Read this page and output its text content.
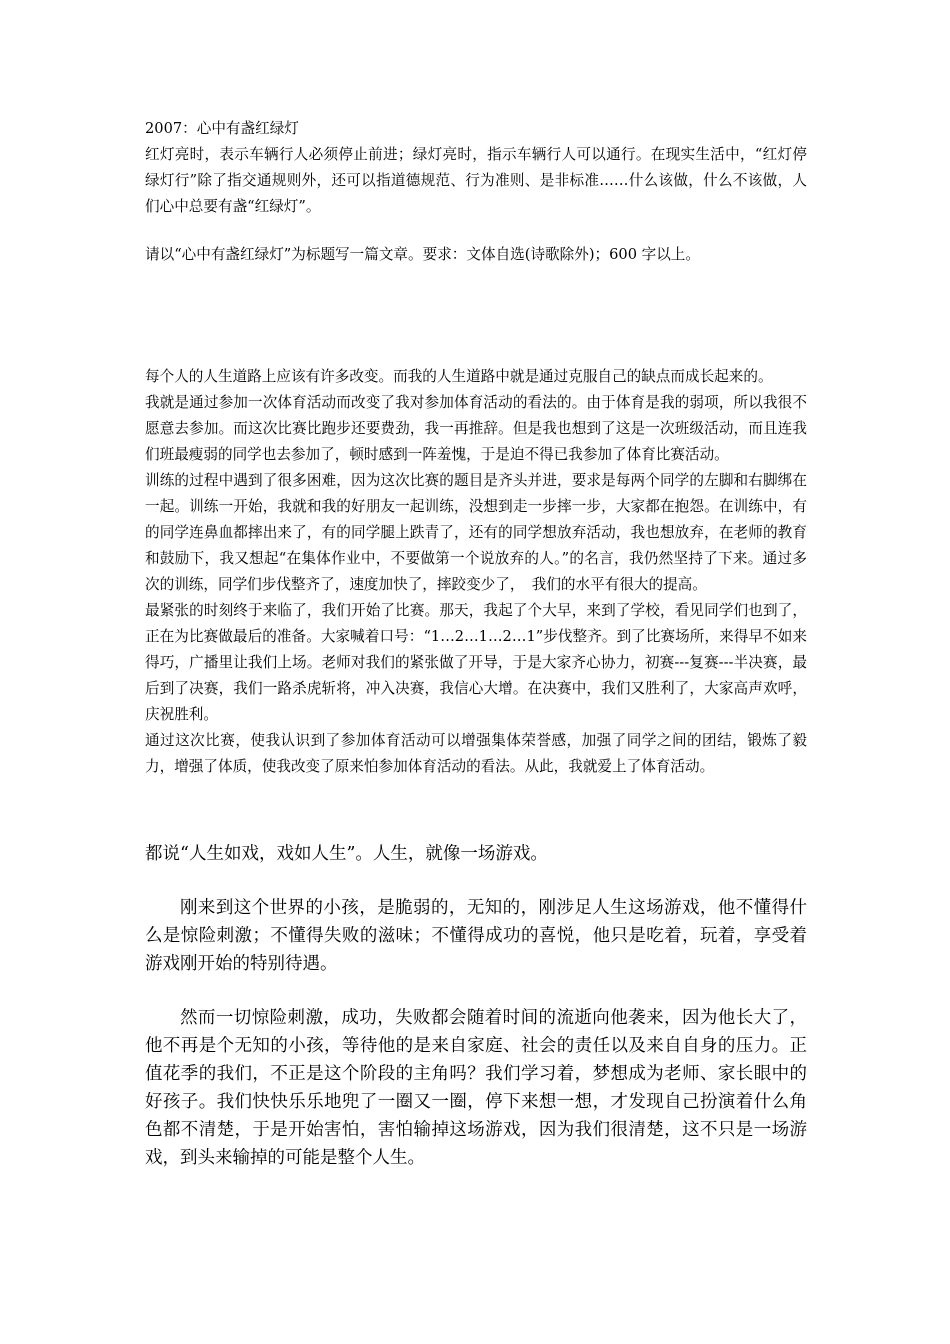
2007：心中有盏红绿灯

红灯亮时，表示车辆行人必须停止前进；绿灯亮时，指示车辆行人可以通行。在现实生活中，“红灯停绿灯行”除了指交通规则外，还可以指道德规范、行为准则、是非标准……什么该做，什么不该做，人们心中总要有盏“红绿灯”。

请以“心中有盏红绿灯”为标题写一篇文章。要求：文体自选(诗歌除外)；600 字以上。

每个人的人生道路上应该有许多改变。而我的人生道路中就是通过克服自己的缺点而成长起来的。

我就是通过参加一次体育活动而改变了我对参加体育活动的看法的。由于体育是我的弱项，所以我很不愿意去参加。而这次比赛比跑步还要费劲，我一再推辞。但是我也想到了这是一次班级活动，而且连我们班最瘦弱的同学也去参加了，顿时感到一阵羞愧，于是迫不得已我参加了体育比赛活动。

训练的过程中遇到了很多困难，因为这次比赛的题目是齐头并进，要求是每两个同学的左脚和右脚绑在一起。训练一开始，我就和我的好朋友一起训练，没想到走一步摔一步，大家都在抱怨。在训练中，有的同学连鼻血都摔出来了，有的同学腿上跌青了，还有的同学想放弃活动，我也想放弃，在老师的教育和鼓励下，我又想起“在集体作业中，不要做第一个说放弃的人。”的名言，我仍然坚持了下来。通过多次的训练，同学们步伐整齐了，速度加快了，摔跤变少了，　我们的水平有很大的提高。

最紧张的时刻终于来临了，我们开始了比赛。那天，我起了个大早，来到了学校，看见同学们也到了，正在为比赛做最后的准备。大家喊着口号：“1…2…1…2…1”步伐整齐。到了比赛场所，来得早不如来得巧，广播里让我们上场。老师对我们的紧张做了开导，于是大家齐心协力，初赛---复赛---半决赛，最后到了决赛，我们一路杀虎斩将，冲入决赛，我信心大增。在决赛中，我们又胜利了，大家高声欢呼，庆祝胜利。

通过这次比赛，使我认识到了参加体育活动可以增强集体荣誉感，加强了同学之间的团结，锻炼了毅力，增强了体质，使我改变了原来怕参加体育活动的看法。从此，我就爱上了体育活动。

都说“人生如戏，戏如人生”。人生，就像一场游戏。

刚来到这个世界的小孩，是脆弱的，无知的，刚涉足人生这场游戏，他不懂得什么是惊险刺激；不懂得失败的滋味；不懂得成功的喜悦，他只是吃着，玩着，享受着游戏刚开始的特别待遇。

然而一切惊险刺激，成功，失败都会随着时间的流逝向他袭来，因为他长大了，他不再是个无知的小孩，等待他的是来自家庭、社会的责任以及来自自身的压力。正值花季的我们，不正是这个阶段的主角吗？我们学习着，梦想成为老师、家长眼中的好孩子。我们快快乐乐地兜了一圈又一圈，停下来想一想，才发现自己扮演着什么角色都不清楚，于是开始害怕，害怕输掉这场游戏，因为我们很清楚，这不只是一场游戏，到头来输掉的可能是整个人生。
